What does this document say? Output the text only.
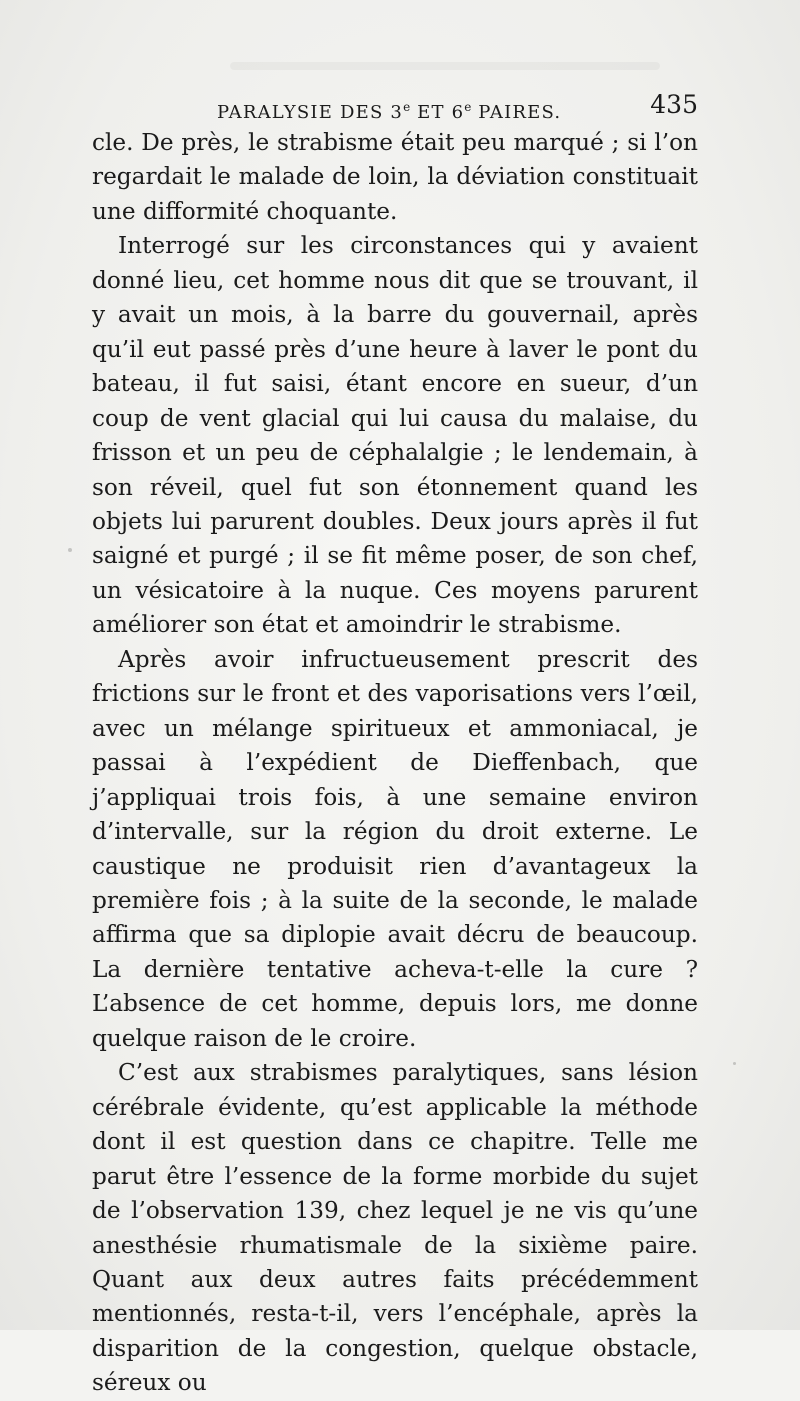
PARALYSIE DES 3e ET 6e PAIRES.	435

cle. De près, le strabisme était peu marqué ; si l’on regardait le malade de loin, la déviation constituait une difformité choquante.

Interrogé sur les circonstances qui y avaient donné lieu, cet homme nous dit que se trouvant, il y avait un mois, à la barre du gouvernail, après qu’il eut passé près d’une heure à laver le pont du bateau, il fut saisi, étant encore en sueur, d’un coup de vent glacial qui lui causa du malaise, du frisson et un peu de céphalalgie ; le lendemain, à son réveil, quel fut son étonnement quand les objets lui parurent doubles. Deux jours après il fut saigné et purgé ; il se fit même poser, de son chef, un vésicatoire à la nuque. Ces moyens parurent améliorer son état et amoindrir le strabisme.

Après avoir infructueusement prescrit des frictions sur le front et des vaporisations vers l’œil, avec un mélange spiritueux et ammoniacal, je passai à l’expédient de Dieffenbach, que j’appliquai trois fois, à une semaine environ d’intervalle, sur la région du droit externe. Le caustique ne produisit rien d’avantageux la première fois ; à la suite de la seconde, le malade affirma que sa diplopie avait décru de beaucoup. La dernière tentative acheva-t-elle la cure ? L’absence de cet homme, depuis lors, me donne quelque raison de le croire.

C’est aux strabismes paralytiques, sans lésion cérébrale évidente, qu’est applicable la méthode dont il est question dans ce chapitre. Telle me parut être l’essence de la forme morbide du sujet de l’observation 139, chez lequel je ne vis qu’une anesthésie rhumatismale de la sixième paire. Quant aux deux autres faits précédemment mentionnés, resta-t-il, vers l’encéphale, après la disparition de la congestion, quelque obstacle, séreux ou
